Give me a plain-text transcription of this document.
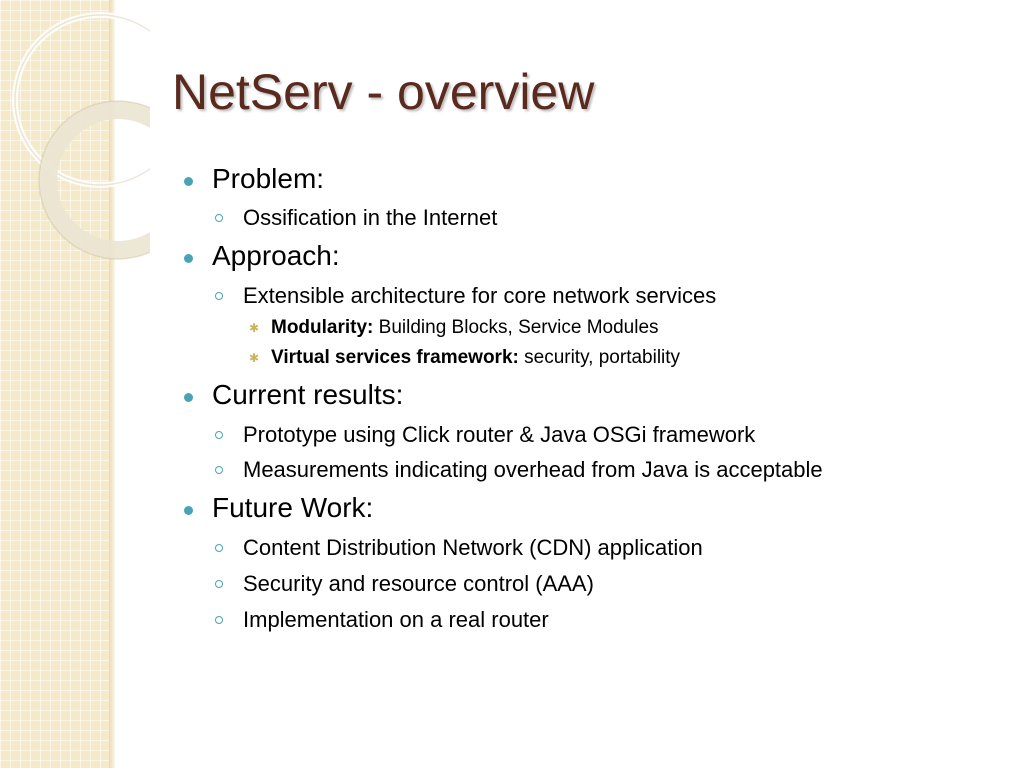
NetServ - overview
Problem:
Ossification in the Internet
Approach:
Extensible architecture for core network services
✱ Modularity: Building Blocks, Service Modules
✱ Virtual services framework: security, portability
Current results:
Prototype using Click router & Java OSGi framework
Measurements indicating overhead from Java is acceptable
Future Work:
Content Distribution Network (CDN) application
Security and resource control (AAA)
Implementation on a real router
